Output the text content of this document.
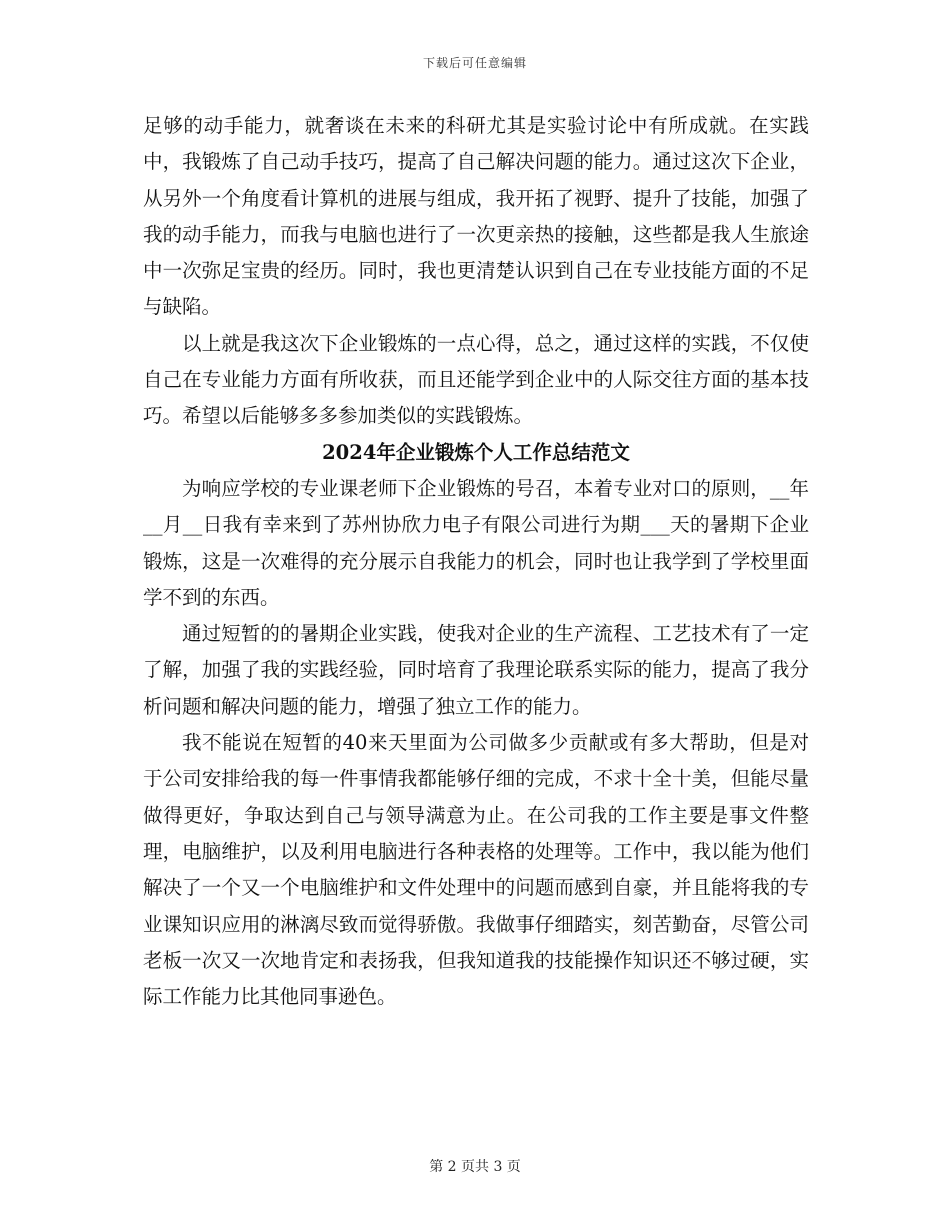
下载后可任意编辑

足够的动手能力，就奢谈在未来的科研尤其是实验讨论中有所成就。在实践中，我锻炼了自己动手技巧，提高了自己解决问题的能力。通过这次下企业，从另外一个角度看计算机的进展与组成，我开拓了视野、提升了技能，加强了我的动手能力，而我与电脑也进行了一次更亲热的接触，这些都是我人生旅途中一次弥足宝贵的经历。同时，我也更清楚认识到自己在专业技能方面的不足与缺陷。

以上就是我这次下企业锻炼的一点心得，总之，通过这样的实践，不仅使自己在专业能力方面有所收获，而且还能学到企业中的人际交往方面的基本技巧。希望以后能够多多参加类似的实践锻炼。

2024年企业锻炼个人工作总结范文

为响应学校的专业课老师下企业锻炼的号召，本着专业对口的原则，__年__月__日我有幸来到了苏州协欣力电子有限公司进行为期___天的暑期下企业锻炼，这是一次难得的充分展示自我能力的机会，同时也让我学到了学校里面学不到的东西。

通过短暂的的暑期企业实践，使我对企业的生产流程、工艺技术有了一定了解，加强了我的实践经验，同时培育了我理论联系实际的能力，提高了我分析问题和解决问题的能力，增强了独立工作的能力。

我不能说在短暂的40来天里面为公司做多少贡献或有多大帮助，但是对于公司安排给我的每一件事情我都能够仔细的完成，不求十全十美，但能尽量做得更好，争取达到自己与领导满意为止。在公司我的工作主要是事文件整理，电脑维护，以及利用电脑进行各种表格的处理等。工作中，我以能为他们解决了一个又一个电脑维护和文件处理中的问题而感到自豪，并且能将我的专业课知识应用的淋漓尽致而觉得骄傲。我做事仔细踏实，刻苦勤奋，尽管公司老板一次又一次地肯定和表扬我，但我知道我的技能操作知识还不够过硬，实际工作能力比其他同事逊色。

第 2 页共 3 页
